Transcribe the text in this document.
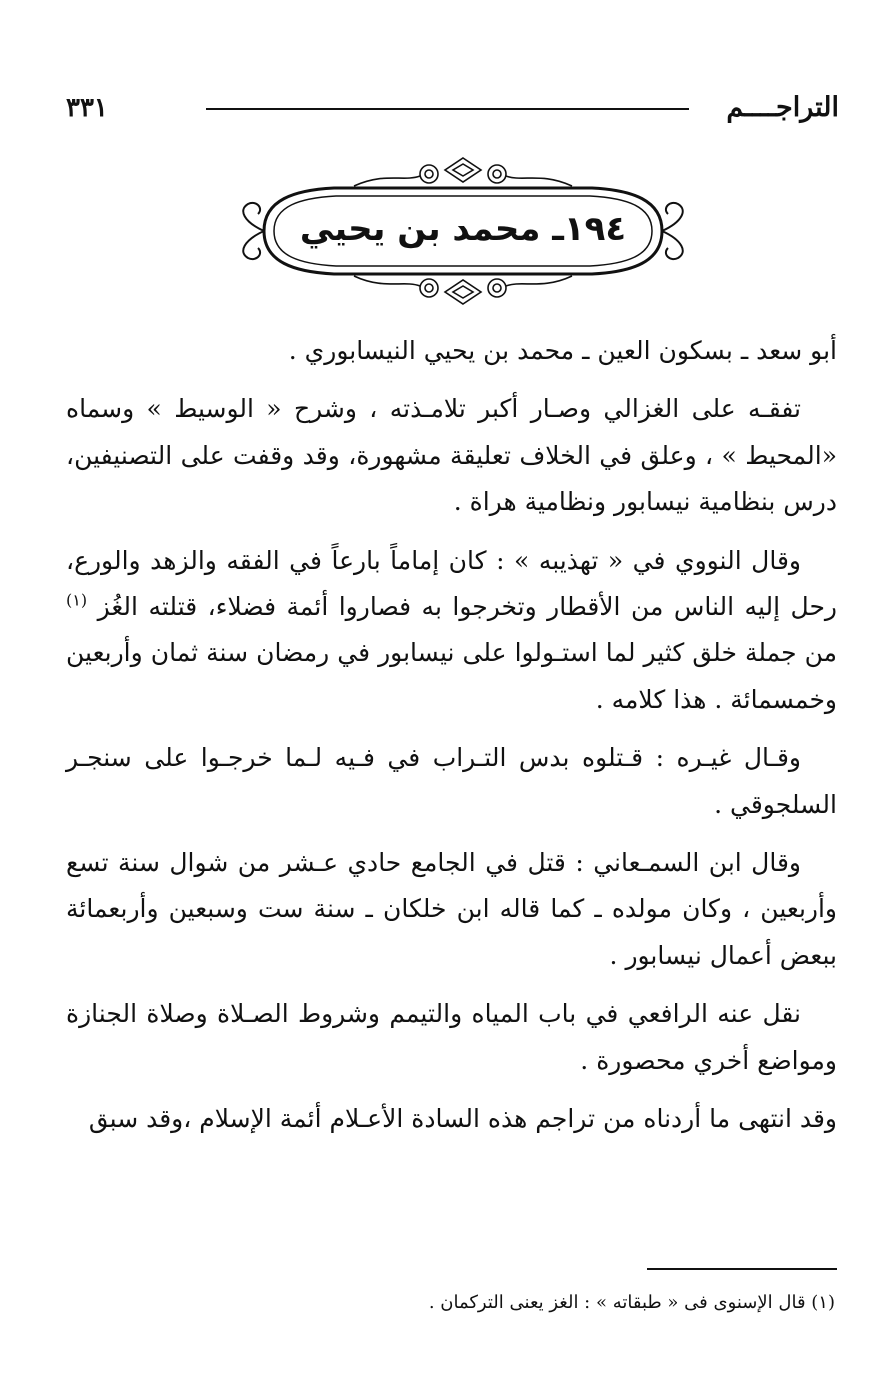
التراجــــم
٣٣١
١٩٤ـ محمد بن يحيي

أبو سعد ـ بسكون العين ـ محمد بن يحيي النيسابوري .

تفقـه على الغزالي وصـار أكبر تلامـذته ، وشرح « الوسيط » وسماه «المحيط » ، وعلق في الخلاف تعليقة مشهورة، وقد وقفت على التصنيفين، درس بنظامية نيسابور ونظامية هراة .

وقال النووي في « تهذيبه » : كان إماماً بارعاً في الفقه والزهد والورع، رحل إليه الناس من الأقطار وتخرجوا به فصاروا أئمة فضلاء، قتلته الغُز $^{(١)}$ من جملة خلق كثير لما استـولوا على نيسابور في رمضان سنة ثمان وأربعين وخمسمائة . هذا كلامه .

وقـال غيـره : قـتلوه بدس التـراب في فـيه لـما خرجـوا على سنجـر السلجوقي .

وقال ابن السمـعاني : قتل في الجامع حادي عـشر من شوال سنة تسع وأربعين ، وكان مولده ـ كما قاله ابن خلكان ـ سنة ست وسبعين وأربعمائة ببعض أعمال نيسابور .

نقل عنه الرافعي في باب المياه والتيمم وشروط الصـلاة وصلاة الجنازة ومواضع أخري محصورة .

وقد انتهى ما أردناه من تراجم هذه السادة الأعـلام أئمة الإسلام ،وقد سبق

(١) قال الإسنوى فى « طبقاته » : الغز يعنى التركمان .
